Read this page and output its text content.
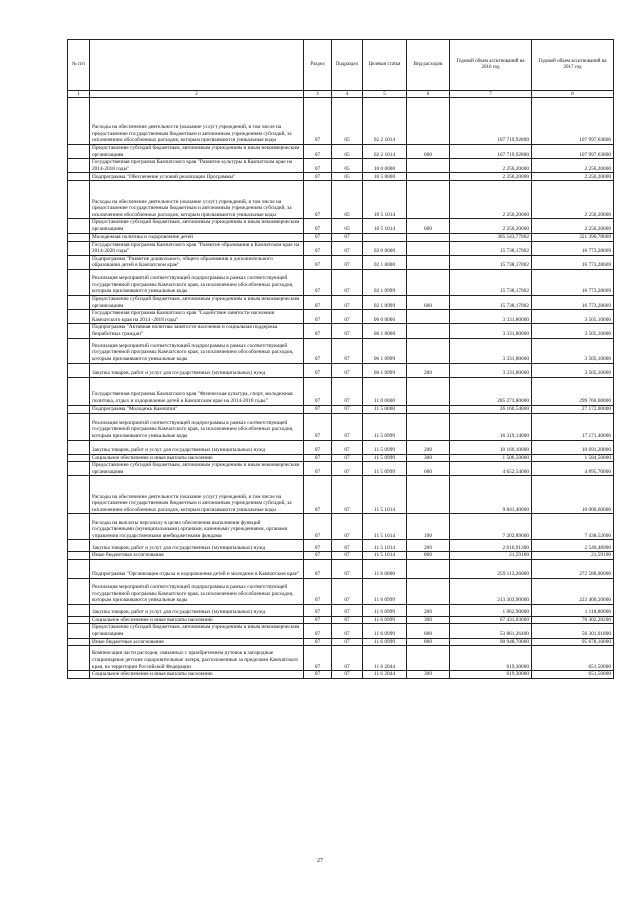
№ п/п		Раздел	Подраздел	Целевая статья	Вид расходов	Годовой объем ассигнований на 2016 год	Годовой объем ассигнований на 2017 год
1	2	3	4	5	6	7	8
	Расходы на обеспечение деятельности (оказание услуг) учреждений, в том числе на предоставление государственным бюджетным и автономным учреждениям субсидий, за исключением обособленных расходов, которым присваиваются уникальные коды	07	05	02 2 1014		107 719,92800	107 997,63800
	Предоставление субсидий бюджетным, автономным учреждениям и иным некоммерческим организациям	07	05	02 2 1014	600	107 719,92800	107 997,63800
	Государственная программа Камчатского края "Развитие культуры в Камчатском крае на 2014-2018 годы"	07	05	10 0 0000		2 256,20000	2 256,20000
	Подпрограмма "Обеспечение условий реализации Программы"	07	05	10 5 0000		2 256,20000	2 256,20000
	Расходы на обеспечение деятельности (оказание услуг) учреждений, в том числе на предоставление государственным бюджетным и автономным учреждениям субсидий, за исключением обособленных расходов, которым присваиваются уникальные коды	07	05	10 5 1014		2 256,20000	2 256,20000
	Предоставление субсидий бюджетным, автономным учреждениям и иным некоммерческим организациям	07	05	10 5 1014	600	2 256,20000	2 256,20000
	Молодежная политика и оздоровление детей	07	07			305 543,77002	321 390,78669
	Государственная программа Камчатского края "Развитие образования в Камчатском крае на 2014-2020 годы"	07	07	02 0 0000		15 738,17002	16 773,28669
	Подпрограмма "Развитие дошкольного, общего образования и дополнительного образования детей в Камчатском крае"	07	07	02 1 0000		15 738,17002	16 773,28669
	Реализация мероприятий соответствующей подпрограммы в рамках соответствующей государственной программы Камчатского края, за исключением обособленных расходов, которым присваиваются уникальные коды	07	07	02 1 0999		15 738,17002	16 773,28669
	Предоставление субсидий бюджетным, автономным учреждениям и иным некоммерческим организациям	07	07	02 1 0999	600	15 738,17002	16 773,28669
	Государственная программа Камчатского края "Содействие занятости населения Камчатского края на 2014 -2018 годы"	07	07	06 0 0000		3 331,80000	3 505,10000
	Подпрограмма "Активная политика занятости населения и социальная поддержка безработных граждан"	07	07	06 1 0000		3 331,80000	3 505,10000
	Реализация мероприятий соответствующей подпрограммы в рамках соответствующей государственной программы Камчатского края, за исключением обособленных расходов, которым присваиваются уникальные коды	07	07	06 1 0999		3 331,80000	3 505,10000
	Закупка товаров, работ и услуг для государственных (муниципальных) нужд	07	07	06 1 0999	200	3 331,80000	3 505,10000
	Государственная программа Камчатского края "Физическая культура, спорт, молодежная политика, отдых и оздоровление детей в Камчатском крае на 2014-2018 годы"	07	07	11 0 0000		285 273,80000	299 760,00000
	Подпрограмма "Молодежь Камчатки"	07	07	11 5 0000		26 160,54000	27 172,00000
	Реализация мероприятий соответствующей подпрограммы в рамках соответствующей государственной программы Камчатского края, за исключением обособленных расходов, которым присваиваются уникальные коды	07	07	11 5 0999		16 319,14000	17 171,40000
	Закупка товаров, работ и услуг для государственных (муниципальных) нужд	07	07	11 5 0999	200	10 160,10000	10 691,20000
	Социальное обеспечение и иные выплаты населению	07	07	11 5 0999	300	1 506,50000	1 584,50000
	Предоставление субсидий бюджетным, автономным учреждениям и иным некоммерческим организациям	07	07	11 5 0999	600	4 652,54000	4 895,70000
	Расходы на обеспечение деятельности (оказание услуг) учреждений, в том числе на предоставление государственным бюджетным и автономным учреждениям субсидий, за исключением обособленных расходов, которым присваиваются уникальные коды	07	07	11 5 1014		9 841,40000	10 000,60000
	Расходы на выплаты персоналу в целях обеспечения выполнения функций государственными (муниципальными) органами, казенными учреждениями, органами управления государственными внебюджетными фондами	07	07	11 5 1014	100	7 202,89600	7 438,52600
	Закупка товаров, работ и услуг для государственных (муниципальных) нужд	07	07	11 5 1014	200	2 616,91300	2 540,48900
	Иные бюджетные ассигнования	07	07	11 5 1014	800	21,59100	21,59100
	Подпрограмма "Организация отдыха и оздоровления детей и молодежи в Камчатском крае"	07	07	11 6 0000		259 113,26000	272 588,00000
	Реализация мероприятий соответствующей подпрограммы в рамках соответствующей государственной программы Камчатского края, за исключением обособленных расходов, которым присваиваются уникальные коды	07	07	11 6 0999		213 303,90000	223 400,20000
	Закупка товаров, работ и услуг для государственных (муниципальных) нужд	07	07	11 6 0999	200	1 062,90000	1 118,80000
	Социальное обеспечение и иные выплаты населению	07	07	11 6 0999	300	67 431,03600	70 302,28200
	Предоставление субсидий бюджетным, автономным учреждениям и иным некоммерческим организациям	07	07	11 6 0999	600	53 861,26400	56 301,01800
	Иные бюджетные ассигнования	07	07	11 6 0999	800	90 948,70000	95 678,10000
	Компенсация части расходов, связанных с приобретением путевок в загородные стационарные детские оздоровительные лагеря, расположенные за пределами Камчатского края, на территории Российской Федерации	07	07	11 6 2044		619,30000	651,50000
	Социальное обеспечение и иные выплаты населению	07	07	11 6 2044	300	619,30000	651,50000
27
